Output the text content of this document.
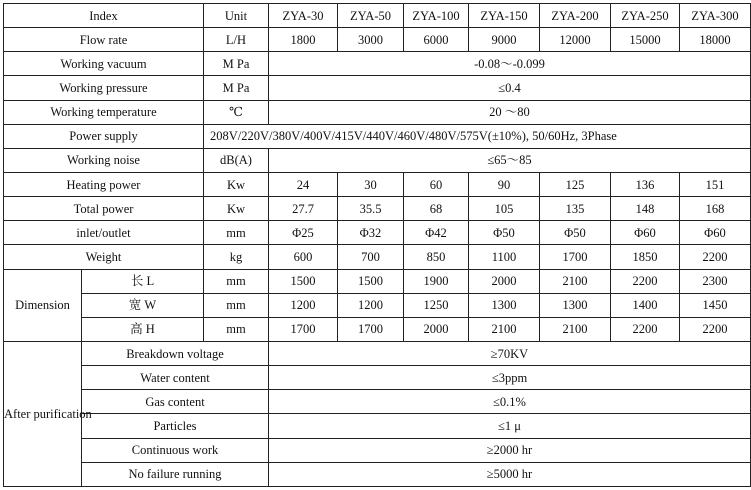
Index		Unit	ZYA-30	ZYA-50	ZYA-100	ZYA-150	ZYA-200	ZYA-250	ZYA-300
Flow rate		L/H	1800	3000	6000	9000	12000	15000	18000
Working vacuum		M Pa	-0.08～-0.099						
Working pressure		M Pa	≤0.4						
Working temperature		℃	20 ～80						
Power supply		208V/220V/380V/400V/415V/440V/460V/480V/575V(±10%), 50/60Hz, 3Phase							
Working noise		dB(A)	≤65～85						
Heating power		Kw	24	30	60	90	125	136	151
Total power		Kw	27.7	35.5	68	105	135	148	168
inlet/outlet		mm	Φ25	Φ32	Φ42	Φ50	Φ50	Φ60	Φ60
Weight		kg	600	700	850	1100	1700	1850	2200
Dimension	长 L	mm	1500	1500	1900	2000	2100	2200	2300
	宽 W	mm	1200	1200	1250	1300	1300	1400	1450
	高 H	mm	1700	1700	2000	2100	2100	2200	2200
After purification	Breakdown voltage		≥70KV						
	Water content		≤3ppm						
	Gas content		≤0.1%						
	Particles		≤1 μ						
	Continuous work		≥2000 hr						
	No failure running		≥5000 hr						
